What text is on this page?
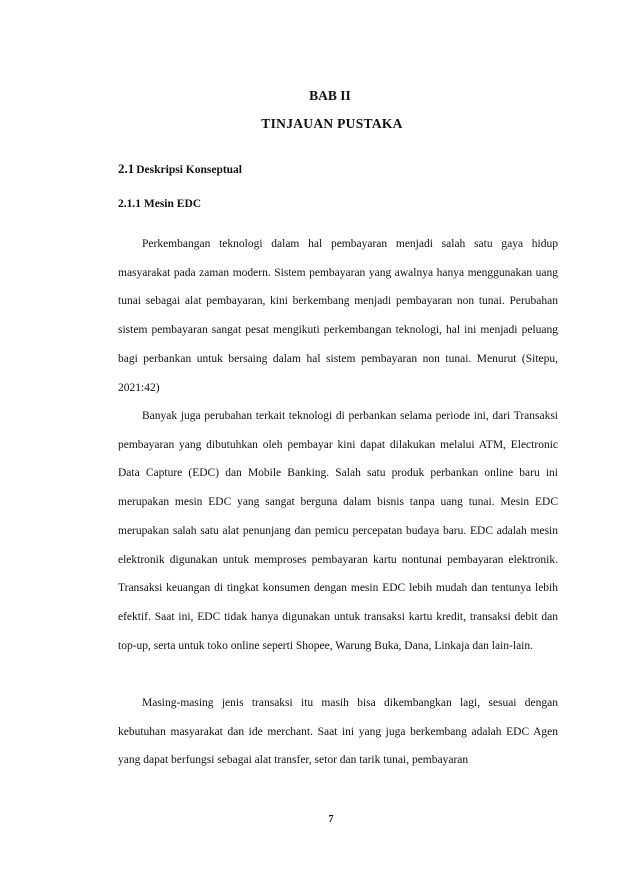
BAB II
TINJAUAN PUSTAKA
2.1 Deskripsi Konseptual
2.1.1 Mesin EDC

Perkembangan teknologi dalam hal pembayaran menjadi salah satu gaya hidup masyarakat pada zaman modern. Sistem pembayaran yang awalnya hanya menggunakan uang tunai sebagai alat pembayaran, kini berkembang menjadi pembayaran non tunai. Perubahan sistem pembayaran sangat pesat mengikuti perkembangan teknologi, hal ini menjadi peluang bagi perbankan untuk bersaing dalam hal sistem pembayaran non tunai. Menurut (Sitepu, 2021:42)

Banyak juga perubahan terkait teknologi di perbankan selama periode ini, dari Transaksi pembayaran yang dibutuhkan oleh pembayar kini dapat dilakukan melalui ATM, Electronic Data Capture (EDC) dan Mobile Banking. Salah satu produk perbankan online baru ini merupakan mesin EDC yang sangat berguna dalam bisnis tanpa uang tunai. Mesin EDC merupakan salah satu alat penunjang dan pemicu percepatan budaya baru. EDC adalah mesin elektronik digunakan untuk memproses pembayaran kartu nontunai pembayaran elektronik. Transaksi keuangan di tingkat konsumen dengan mesin EDC lebih mudah dan tentunya lebih efektif. Saat ini, EDC tidak hanya digunakan untuk transaksi kartu kredit, transaksi debit dan top-up, serta untuk toko online seperti Shopee, Warung Buka, Dana, Linkaja dan lain-lain.

Masing-masing jenis transaksi itu masih bisa dikembangkan lagi, sesuai dengan kebutuhan masyarakat dan ide merchant. Saat ini yang juga berkembang adalah EDC Agen yang dapat berfungsi sebagai alat transfer, setor dan tarik tunai, pembayaran

7
